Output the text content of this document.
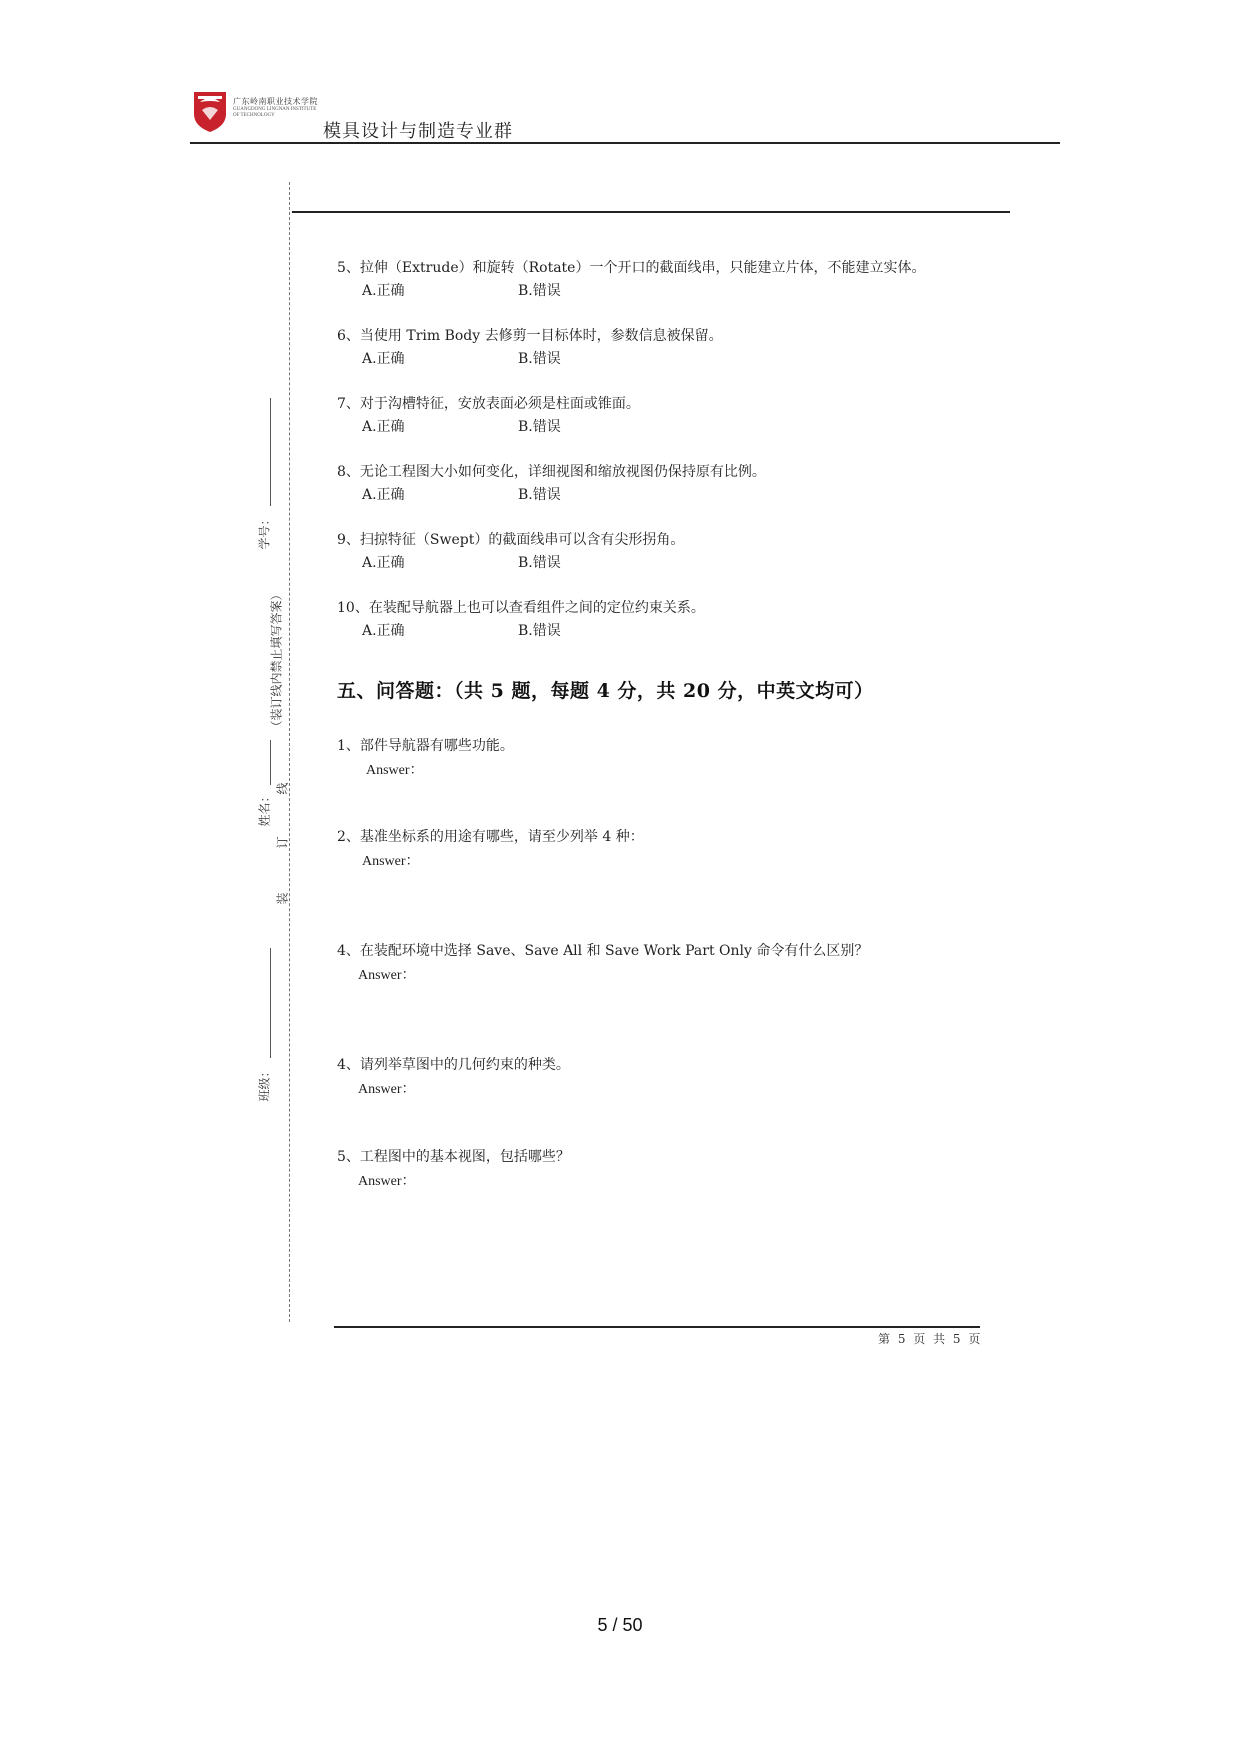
广东岭南职业技术学院
GUANGDONG LINGNAN INSTITUTE OF TECHNOLOGY
模具设计与制造专业群
学号：
（装订线内禁止填写答案）
线
姓名：
订
装
班级：
5、拉伸（Extrude）和旋转（Rotate）一个开口的截面线串，只能建立片体，不能建立实体。
A.正确	B.错误
6、当使用 Trim Body 去修剪一目标体时，参数信息被保留。
A.正确	B.错误
7、对于沟槽特征，安放表面必须是柱面或锥面。
A.正确	B.错误
8、无论工程图大小如何变化，详细视图和缩放视图仍保持原有比例。
A.正确	B.错误
9、扫掠特征（Swept）的截面线串可以含有尖形拐角。
A.正确	B.错误
10、在装配导航器上也可以查看组件之间的定位约束关系。
A.正确	B.错误
五、问答题：（共 5 题，每题 4 分，共 20 分，中英文均可）
1、部件导航器有哪些功能。
Answer：
2、基准坐标系的用途有哪些，请至少列举 4 种：
Answer：
4、在装配环境中选择 Save、Save All 和 Save Work Part Only 命令有什么区别？
Answer：
4、请列举草图中的几何约束的种类。
Answer：
5、工程图中的基本视图，包括哪些？
Answer：
第 5 页 共 5 页
5 / 50
